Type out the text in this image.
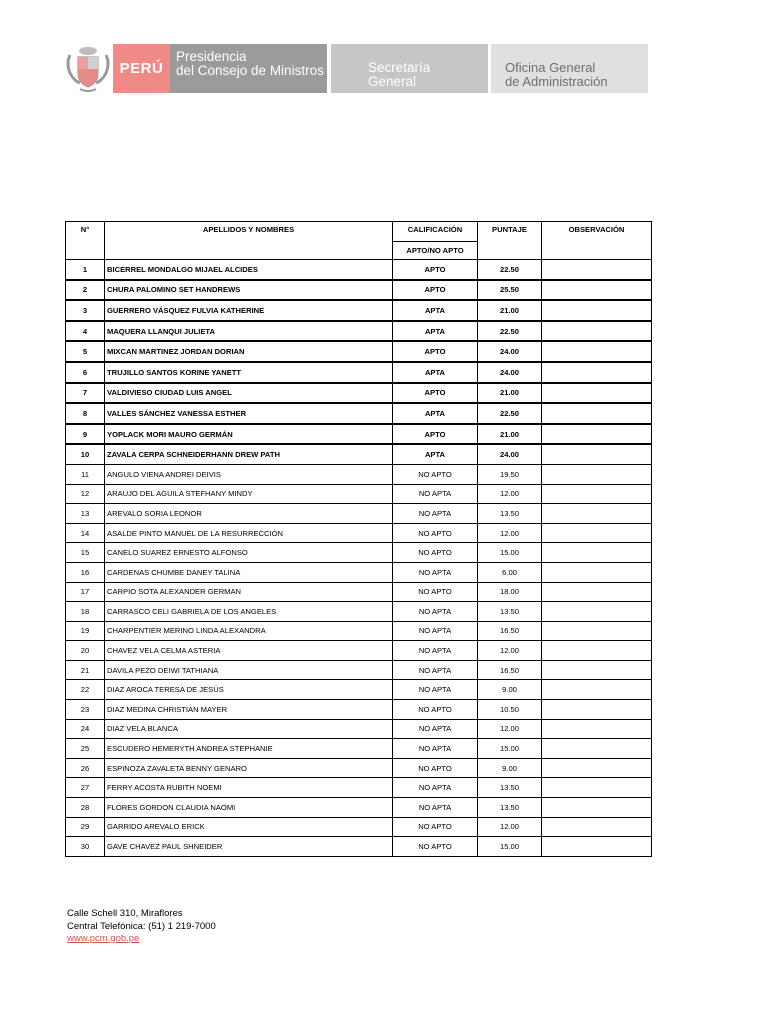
PERÚ
Presidencia
del Consejo de Ministros	Secretaría
General
Oficina General
de Administración
N°	APELLIDOS Y NOMBRES	CALIFICACIÓN	PUNTAJE	OBSERVACIÓN
		APTO/NO APTO		
1	BICERREL MONDALGO MIJAEL ALCIDES	APTO	22.50	
2	CHURA PALOMINO SET HANDREWS	APTO	25.50	
3	GUERRERO VÁSQUEZ FULVIA KATHERINE	APTA	21.00	
4	MAQUERA LLANQUI JULIETA	APTA	22.50	
5	MIXCAN MARTINEZ JORDAN DORIAN	APTO	24.00	
6	TRUJILLO SANTOS KORINE YANETT	APTA	24.00	
7	VALDIVIESO CIUDAD LUIS ANGEL	APTO	21.00	
8	VALLES SÁNCHEZ VANESSA ESTHER	APTA	22.50	
9	YOPLACK MORI MAURO GERMÁN	APTO	21.00	
10	ZAVALA CERPA SCHNEIDERHANN DREW PATH	APTA	24.00	
11	ANGULO VIENA ANDREI DEIVIS	NO APTO	19.50	
12	ARAUJO DEL AGUILA STEFHANY MINDY	NO APTA	12.00	
13	AREVALO SORIA LEONOR	NO APTA	13.50	
14	ASALDE PINTO MANUEL DE LA RESURRECCIÓN	NO APTO	12.00	
15	CANELO SUAREZ ERNESTO ALFONSO	NO APTO	15.00	
16	CARDENAS CHUMBE DANEY TALINA	NO APTA	6.00	
17	CARPIO SOTA ALEXANDER GERMAN	NO APTO	18.00	
18	CARRASCO CELI GABRIELA DE LOS ANGELES	NO APTA	13.50	
19	CHARPENTIER MERINO LINDA ALEXANDRA	NO APTA	16.50	
20	CHAVEZ VELA CELMA ASTERIA	NO APTA	12.00	
21	DAVILA PEZO DEIWI TATHIANA	NO APTA	16.50	
22	DIAZ AROCA TERESA DE JESÚS	NO APTA	9.00	
23	DIAZ MEDINA CHRISTIAN MAYER	NO APTO	10.50	
24	DIAZ VELA BLANCA	NO APTA	12.00	
25	ESCUDERO HEMERYTH ANDREA STEPHANIE	NO APTA	15.00	
26	ESPINOZA ZAVALETA BENNY GENARO	NO APTO	9.00	
27	FERRY ACOSTA RUBITH NOEMI	NO APTA	13.50	
28	FLORES GORDON CLAUDIA NAOMI	NO APTA	13.50	
29	GARRIDO AREVALO ERICK	NO APTO	12.00	
30	GAVE CHAVEZ PAUL SHNEIDER	NO APTO	15.00	
Calle Schell 310, Miraflores
Central Telefónica: (51) 1 219-7000
www.pcm.gob.pe
